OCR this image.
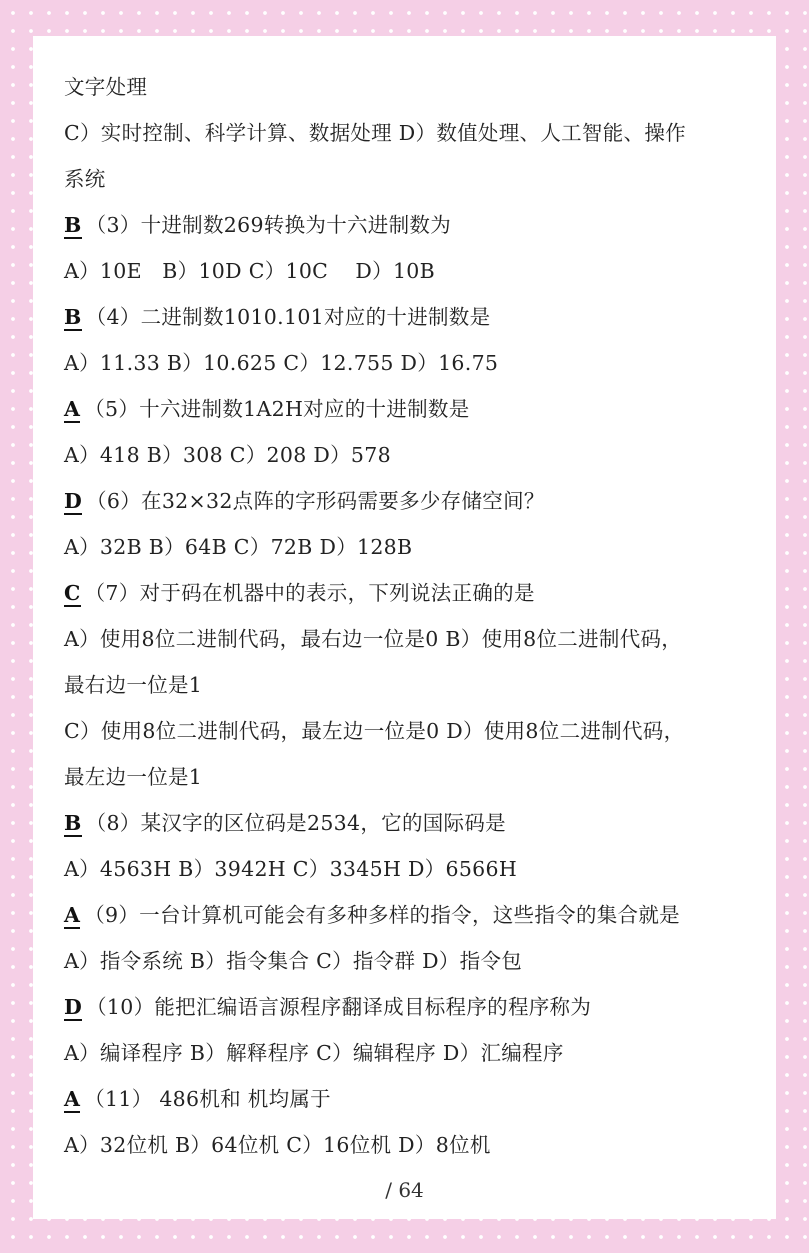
/ 64
文字处理
C）实时控制、科学计算、数据处理 D）数值处理、人工智能、操作
系统
B （3）十进制数269转换为十六进制数为
A）10E   B）10D C）10C    D）10B
B （4）二进制数1010.101对应的十进制数是
A）11.33 B）10.625 C）12.755 D）16.75
A （5）十六进制数1A2H对应的十进制数是
A）418 B）308 C）208 D）578
D （6）在32×32点阵的字形码需要多少存储空间？
A）32B B）64B C）72B D）128B
C （7）对于码在机器中的表示，下列说法正确的是
A）使用8位二进制代码，最右边一位是0 B）使用8位二进制代码，
最右边一位是1
C）使用8位二进制代码，最左边一位是0 D）使用8位二进制代码，
最左边一位是1
B （8）某汉字的区位码是2534，它的国际码是
A）4563H B）3942H C）3345H D）6566H
A （9）一台计算机可能会有多种多样的指令，这些指令的集合就是
A）指令系统 B）指令集合 C）指令群 D）指令包
D （10）能把汇编语言源程序翻译成目标程序的程序称为
A）编译程序 B）解释程序 C）编辑程序 D）汇编程序
A （11） 486机和 机均属于
A）32位机 B）64位机 C）16位机 D）8位机
